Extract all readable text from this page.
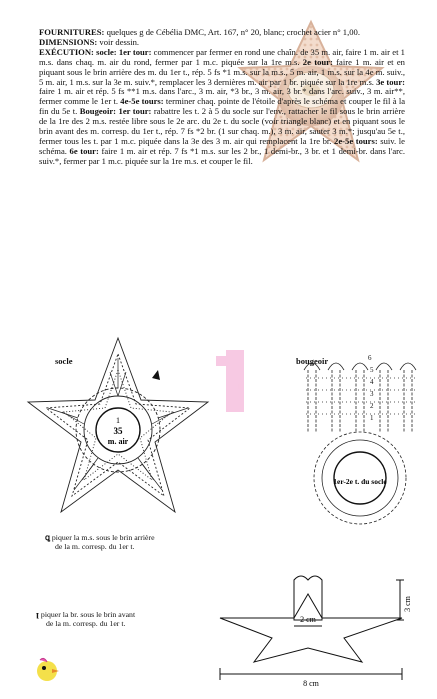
FOURNITURES: quelques g de Cébélia DMC, Art. 167, n° 20, blanc; crochet acier n° 1,00.
DIMENSIONS: voir dessin.
EXÉCUTION: socle: 1er tour: commencer par fermer en rond une chaîn. de 35 m. air, faire 1 m. air et 1 m.s. dans chaq. m. air du rond, fermer par 1 m.c. piquée sur la 1re m.s. 2e tour: faire 1 m. air et en piquant sous le brin arrière des m. du 1er t., rép. 5 fs *1 m.s. sur la m.s., 5 m. air, 1 m.s. sur la 4e m. suiv., 5 m. air, 1 m.s. sur la 3e m. suiv.*, remplacer les 3 dernières m. air par 1 br. piquée sur la 1re m.s. 3e tour: faire 1 m. air et rép. 5 fs **1 m.s. dans l'arc., 3 m. air, *3 br., 3 m. air, 3 br.* dans l'arc. suiv., 3 m. air**, fermer comme le 1er t. 4e-5e tours: terminer chaq. pointe de l'étoile d'après le schéma et couper le fil à la fin du 5e t. Bougeoir: 1er tour: rabattre les t. 2 à 5 du socle sur l'env., rattacher le fil sous le brin arrière de la 1re des 2 m.s. restée libre sous le 2e arc. du 2e t. du socle (voir triangle blanc) et en piquant sous le brin avant des m. corresp. du 1er t., rép. 7 fs *2 br. (1 sur chaq. m.), 3 m. air, sauter 3 m.*; jusqu'au 5e t., fermer tous les t. par 1 m.c. piquée dans la 3e des 3 m. air qui remplacent la 1re br. 2e-5e tours: suiv. le schéma. 6e tour: faire 1 m. air et rép. 7 fs *1 m.s. sur les 2 br., 1 demi-br., 3 br. et 1 demi-br. dans l'arc. suiv.*, fermer par 1 m.c. piquée sur la 1re m.s. et couper le fil.

1
socle
1
35
m. air
bougeoir	6
5
4
3
2
1
1er-2e t. du socle
ꝗ piquer la m.s. sous le brin arrière
de la m. corresp. du 1er t.
ꞁ piquer la br. sous le brin avant
de la m. corresp. du 1er t.	2 cm
3 cm
8 cm
